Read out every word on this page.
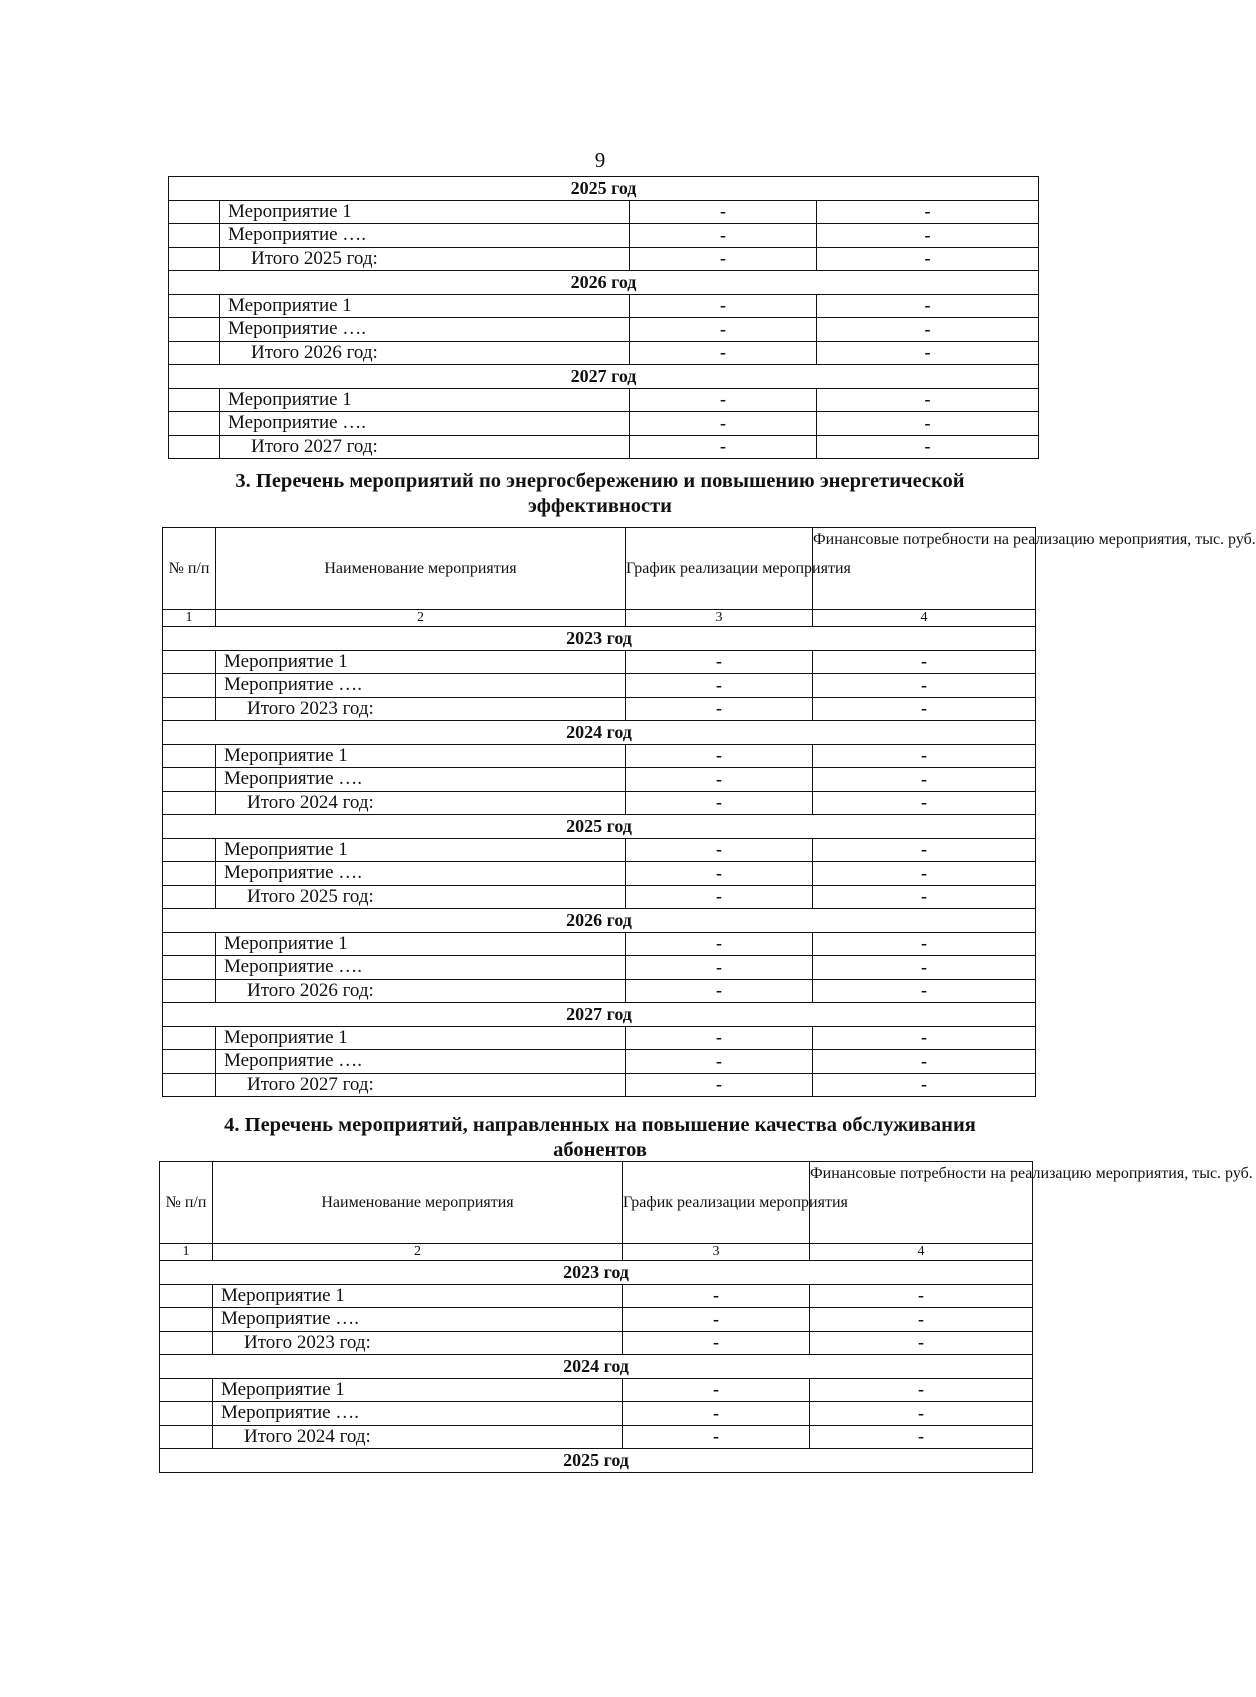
9
2025 год			
	Мероприятие 1	-	-
	Мероприятие ….	-	-
	Итого 2025 год:	-	-
2026 год			
	Мероприятие 1	-	-
	Мероприятие ….	-	-
	Итого 2026 год:	-	-
2027 год			
	Мероприятие 1	-	-
	Мероприятие ….	-	-
	Итого 2027 год:	-	-
3. Перечень мероприятий по энергосбережению и повышению энергетической
эффективности
№ п/п	Наименование мероприятия	График реализации мероприятия	Финансовые потребности на реализацию мероприятия, тыс. руб.
1	2	3	4
2023 год			
	Мероприятие 1	-	-
	Мероприятие ….	-	-
	Итого 2023 год:	-	-
2024 год			
	Мероприятие 1	-	-
	Мероприятие ….	-	-
	Итого 2024 год:	-	-
2025 год			
	Мероприятие 1	-	-
	Мероприятие ….	-	-
	Итого 2025 год:	-	-
2026 год			
	Мероприятие 1	-	-
	Мероприятие ….	-	-
	Итого 2026 год:	-	-
2027 год			
	Мероприятие 1	-	-
	Мероприятие ….	-	-
	Итого 2027 год:	-	-
4. Перечень мероприятий, направленных на повышение качества обслуживания
абонентов
№ п/п	Наименование мероприятия	График реализации мероприятия	Финансовые потребности на реализацию мероприятия, тыс. руб.
1	2	3	4
2023 год			
	Мероприятие 1	-	-
	Мероприятие ….	-	-
	Итого 2023 год:	-	-
2024 год			
	Мероприятие 1	-	-
	Мероприятие ….	-	-
	Итого 2024 год:	-	-
2025 год			
